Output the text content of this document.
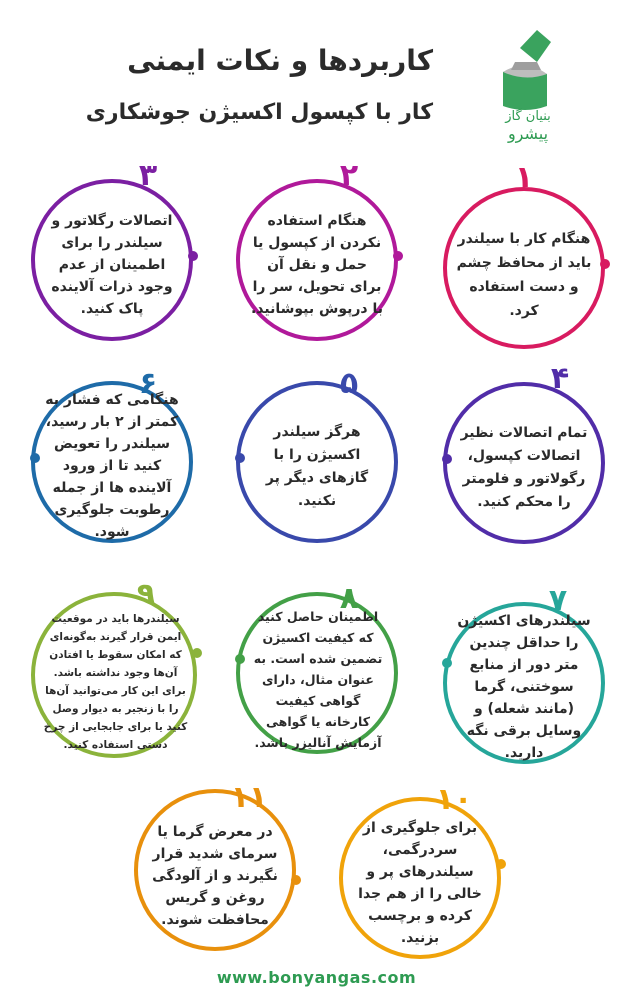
کاربردها و نکات ایمنی
کار با کپسول اکسیژن جوشکاری	بنیان گاز
پیشرو
۱
هنگام کار با سیلندر باید از محافظ چشم و دست استفاده کرد.
۲
هنگام استفاده نکردن از کپسول یا حمل و نقل آن برای تحویل، سر را با درپوش بپوشانید.
۳
اتصالات رگلاتور و سیلندر را برای اطمینان از عدم وجود ذرات آلاینده پاک کنید.
۴
تمام اتصالات نظیر اتصالات کپسول، رگولاتور و فلومتر را محکم کنید.
۵
هرگز سیلندر اکسیژن را با گازهای دیگر پر نکنید.
۶
هنگامی که فشار به کمتر از ۲ بار رسید، سیلندر را تعویض کنید تا از ورود آلاینده ها از جمله رطوبت جلوگیری شود.
۷
سیلندرهای اکسیژن را حداقل چندین متر دور از منابع سوختنی، گرما (مانند شعله) و وسایل برقی نگه دارید.
۸
اطمینان حاصل کنید که کیفیت اکسیژن تضمین شده است. به عنوان مثال، دارای گواهی کیفیت کارخانه یا گواهی آزمایش آنالیزر باشد.
۹
سیلندرها باید در موقعیت ایمن قرار گیرند به‌گونه‌ای که امکان سقوط یا افتادن آن‌ها وجود نداشته باشد. برای این کار می‌توانید آن‌ها را با زنجیر به دیوار وصل کنید یا برای جابجایی از چرخ دستی استفاده کنید.
۱۰
برای جلوگیری از سردرگمی، سیلندرهای پر و خالی را از هم جدا کرده و برچسب بزنید.
۱۱
در معرض گرما یا سرمای شدید قرار نگیرند و از آلودگی روغن و گریس محافظت شوند.
www.bonyangas.com
